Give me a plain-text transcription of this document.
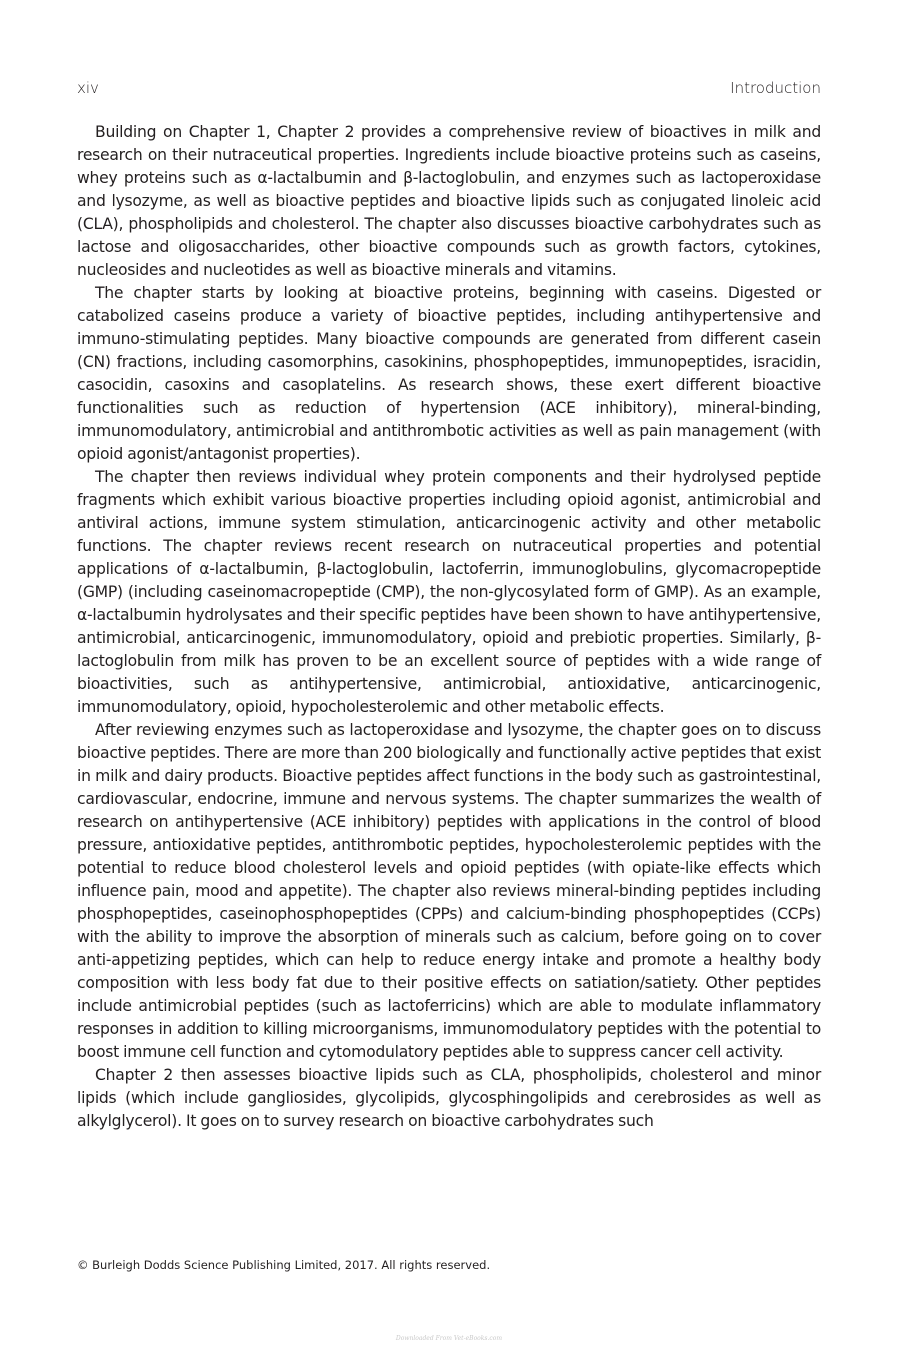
xiv	Introduction

Building on Chapter 1, Chapter 2 provides a comprehensive review of bioactives in milk and research on their nutraceutical properties. Ingredients include bioactive proteins such as caseins, whey proteins such as α-lactalbumin and β-lactoglobulin, and enzymes such as lactoperoxidase and lysozyme, as well as bioactive peptides and bioactive lipids such as conjugated linoleic acid (CLA), phospholipids and cholesterol. The chapter also discusses bioactive carbohydrates such as lactose and oligosaccharides, other bioactive compounds such as growth factors, cytokines, nucleosides and nucleotides as well as bioactive minerals and vitamins.

The chapter starts by looking at bioactive proteins, beginning with caseins. Digested or catabolized caseins produce a variety of bioactive peptides, including antihypertensive and immuno-stimulating peptides. Many bioactive compounds are generated from different casein (CN) fractions, including casomorphins, casokinins, phosphopeptides, immunopeptides, isracidin, casocidin, casoxins and casoplatelins. As research shows, these exert different bioactive functionalities such as reduction of hypertension (ACE inhibitory), mineral-binding, immunomodulatory, antimicrobial and antithrombotic activities as well as pain management (with opioid agonist/antagonist properties).

The chapter then reviews individual whey protein components and their hydrolysed peptide fragments which exhibit various bioactive properties including opioid agonist, antimicrobial and antiviral actions, immune system stimulation, anticarcinogenic activity and other metabolic functions. The chapter reviews recent research on nutraceutical properties and potential applications of α-lactalbumin, β-lactoglobulin, lactoferrin, immunoglobulins, glycomacropeptide (GMP) (including caseinomacropeptide (CMP), the non-glycosylated form of GMP). As an example, α-lactalbumin hydrolysates and their specific peptides have been shown to have antihypertensive, antimicrobial, anticarcinogenic, immunomodulatory, opioid and prebiotic properties. Similarly, β-lactoglobulin from milk has proven to be an excellent source of peptides with a wide range of bioactivities, such as antihypertensive, antimicrobial, antioxidative, anticarcinogenic, immunomodulatory, opioid, hypocholesterolemic and other metabolic effects.

After reviewing enzymes such as lactoperoxidase and lysozyme, the chapter goes on to discuss bioactive peptides. There are more than 200 biologically and functionally active peptides that exist in milk and dairy products. Bioactive peptides affect functions in the body such as gastrointestinal, cardiovascular, endocrine, immune and nervous systems. The chapter summarizes the wealth of research on antihypertensive (ACE inhibitory) peptides with applications in the control of blood pressure, antioxidative peptides, antithrombotic peptides, hypocholesterolemic peptides with the potential to reduce blood cholesterol levels and opioid peptides (with opiate-like effects which influence pain, mood and appetite). The chapter also reviews mineral-binding peptides including phosphopeptides, caseinophosphopeptides (CPPs) and calcium-binding phosphopeptides (CCPs) with the ability to improve the absorption of minerals such as calcium, before going on to cover anti-appetizing peptides, which can help to reduce energy intake and promote a healthy body composition with less body fat due to their positive effects on satiation/satiety. Other peptides include antimicrobial peptides (such as lactoferricins) which are able to modulate inflammatory responses in addition to killing microorganisms, immunomodulatory peptides with the potential to boost immune cell function and cytomodulatory peptides able to suppress cancer cell activity.

Chapter 2 then assesses bioactive lipids such as CLA, phospholipids, cholesterol and minor lipids (which include gangliosides, glycolipids, glycosphingolipids and cerebrosides as well as alkylglycerol). It goes on to survey research on bioactive carbohydrates such

© Burleigh Dodds Science Publishing Limited, 2017. All rights reserved.
Downloaded From Vet-eBooks.com
